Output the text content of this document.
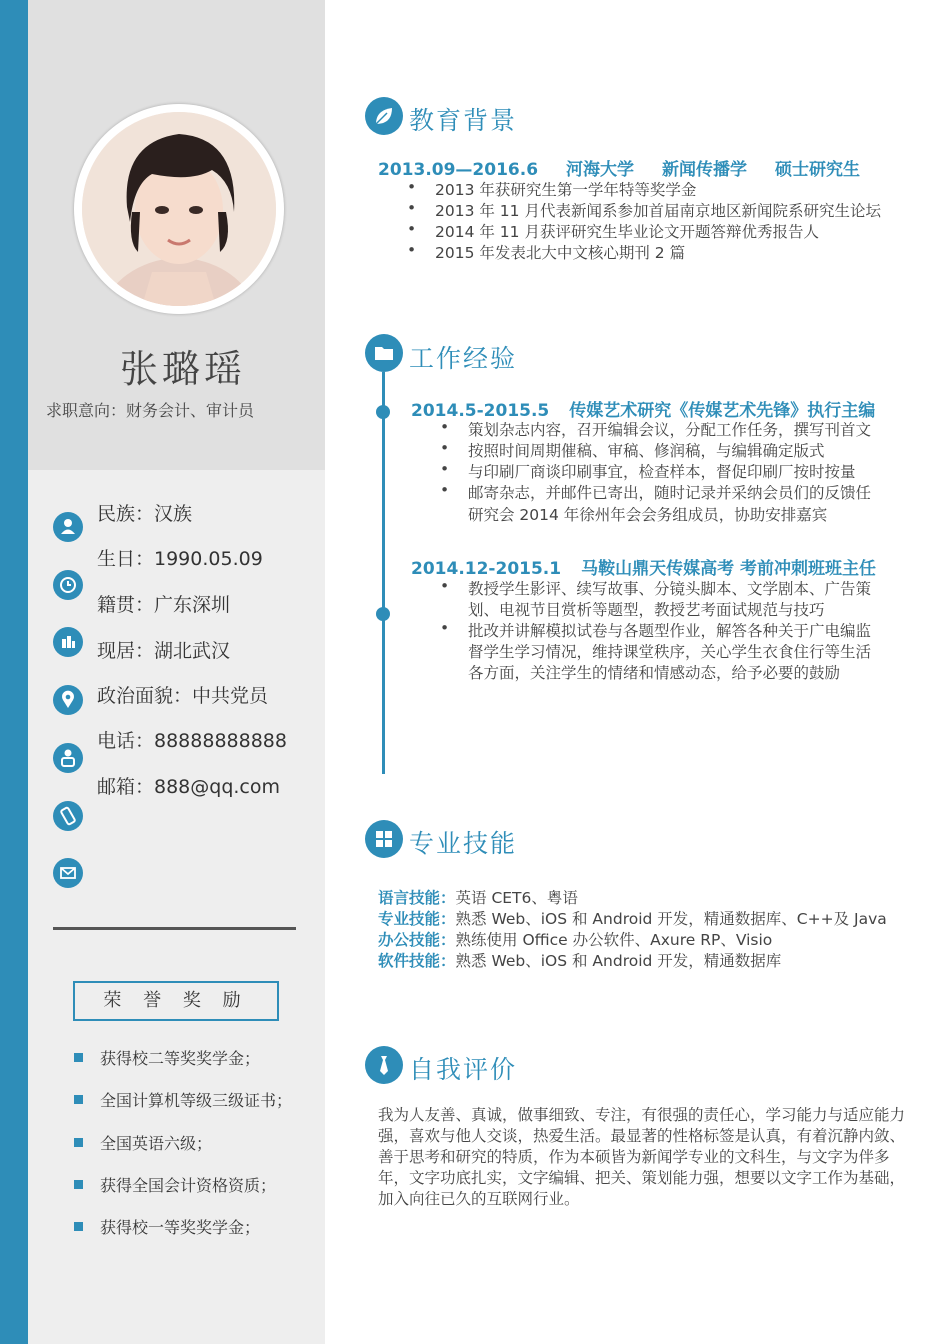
张璐瑶
求职意向：财务会计、审计员
民族：汉族
生日：1990.05.09
籍贯：广东深圳
现居：湖北武汉
政治面貌：中共党员
电话：88888888888
邮箱：888@qq.com
荣 誉 奖 励
获得校二等奖奖学金；
全国计算机等级三级证书；
全国英语六级；
获得全国会计资格资质；
获得校一等奖奖学金；
教育背景
2013.09—2016.6 河海大学 新闻传播学 硕士研究生
• 2013 年获研究生第一学年特等奖学金
• 2013 年 11 月代表新闻系参加首届南京地区新闻院系研究生论坛
• 2014 年 11 月获评研究生毕业论文开题答辩优秀报告人
• 2015 年发表北大中文核心期刊 2 篇
工作经验
2014.5-2015.5 传媒艺术研究《传媒艺术先锋》执行主编
• 策划杂志内容，召开编辑会议，分配工作任务，撰写刊首文
• 按照时间周期催稿、审稿、修润稿，与编辑确定版式
• 与印刷厂商谈印刷事宜，检查样本，督促印刷厂按时按量
• 邮寄杂志，并邮件已寄出，随时记录并采纳会员们的反馈任
研究会 2014 年徐州年会会务组成员，协助安排嘉宾
2014.12-2015.1 马鞍山鼎天传媒高考 考前冲刺班班主任
• 教授学生影评、续写故事、分镜头脚本、文学剧本、广告策
划、电视节目赏析等题型，教授艺考面试规范与技巧
• 批改并讲解模拟试卷与各题型作业，解答各种关于广电编监
督学生学习情况，维持课堂秩序，关心学生衣食住行等生活
各方面，关注学生的情绪和情感动态，给予必要的鼓励
专业技能
语言技能：英语 CET6、粤语
专业技能：熟悉 Web、iOS 和 Android 开发，精通数据库、C++及 Java
办公技能：熟练使用 Office 办公软件、Axure RP、Visio
软件技能：熟悉 Web、iOS 和 Android 开发，精通数据库
自我评价
我为人友善、真诚，做事细致、专注，有很强的责任心，学习能力与适应能力强，喜欢与他人交谈，热爱生活。最显著的性格标签是认真，有着沉静内敛、善于思考和研究的特质，作为本硕皆为新闻学专业的文科生，与文字为伴多年，文字功底扎实，文字编辑、把关、策划能力强，想要以文字工作为基础，加入向往已久的互联网行业。
